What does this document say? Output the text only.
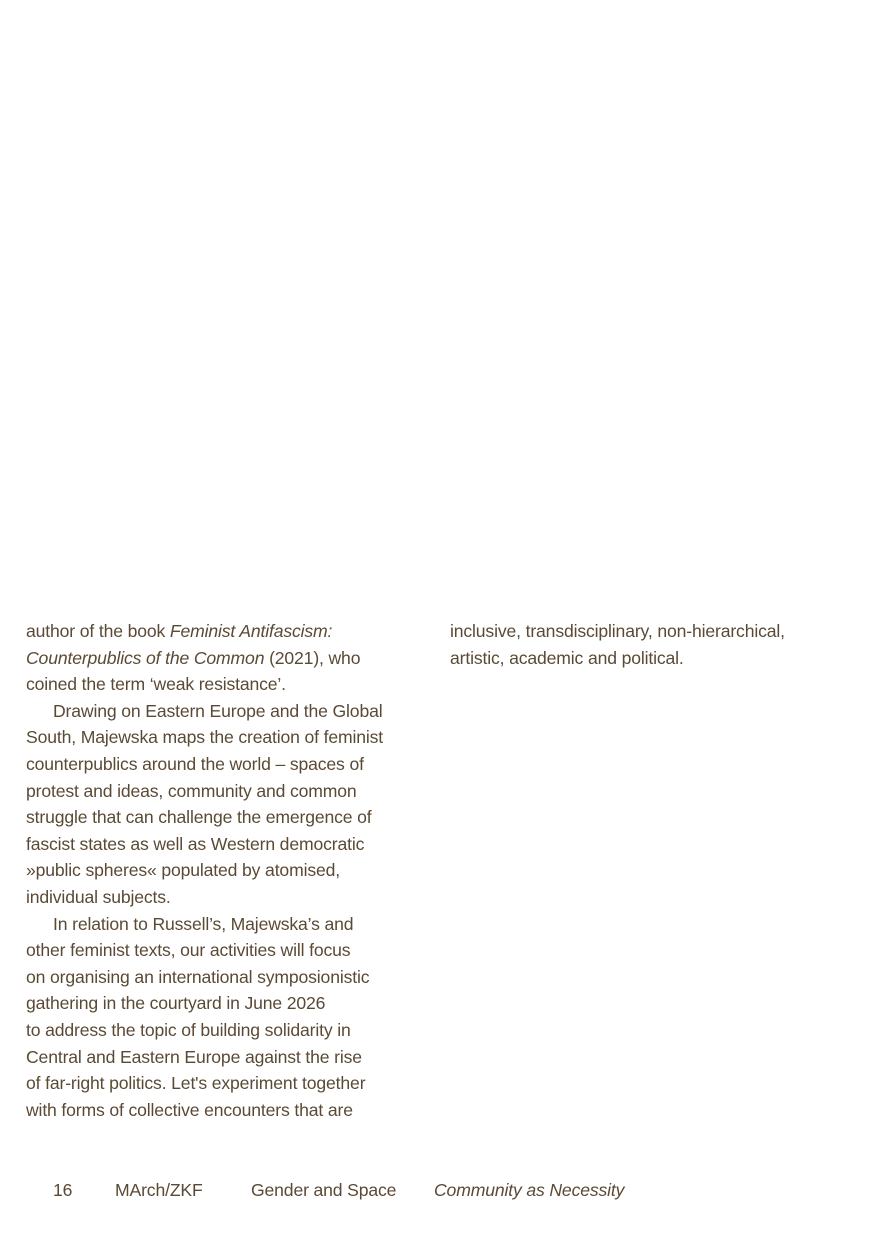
author of the book Feminist Antifascism:
Counterpublics of the Common (2021), who
coined the term ‘weak resistance’.
Drawing on Eastern Europe and the Global
South, Majewska maps the creation of feminist
counterpublics around the world – spaces of
protest and ideas, community and common
struggle that can challenge the emergence of
fascist states as well as Western democratic
»public spheres« populated by atomised,
individual subjects.
In relation to Russell’s, Majewska’s and
other feminist texts, our activities will focus
on organising an international symposionistic
gathering in the courtyard in June 2026
to address the topic of building solidarity in
Central and Eastern Europe against the rise
of far-right politics. Let's experiment together
with forms of collective encounters that are
inclusive, transdisciplinary, non-hierarchical,
artistic, academic and political.
16 MArch/ZKF	Gender and Space Community as Necessity
